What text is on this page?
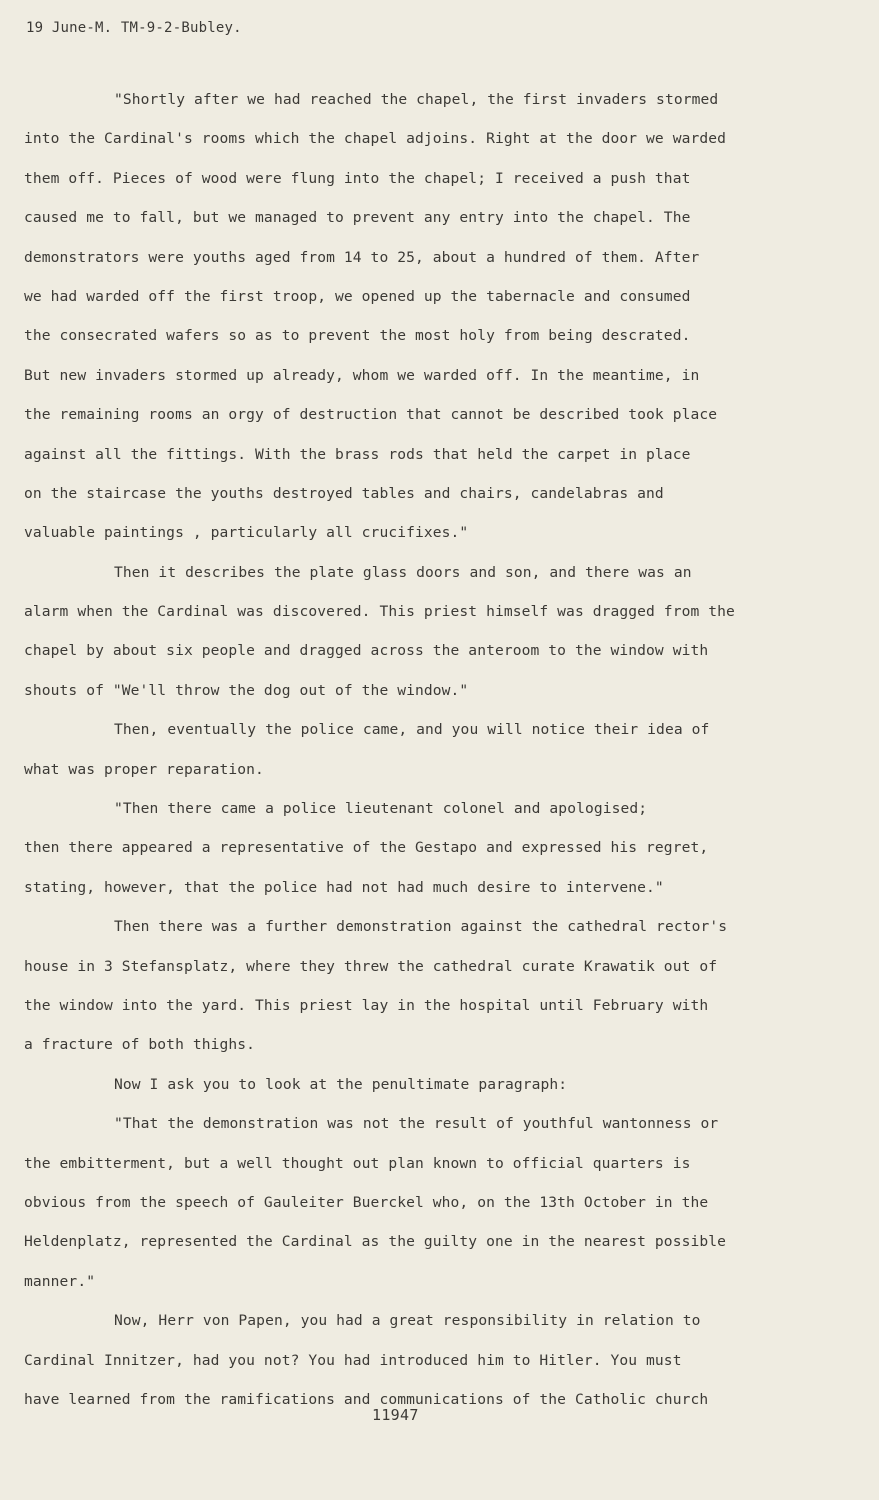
19 June-M. TM-9-2-Bubley.
"Shortly after we had reached the chapel, the first invaders stormed
into the Cardinal's rooms which the chapel adjoins. Right at the door we warded
them off. Pieces of wood were flung into the chapel; I received a push that
caused me to fall, but we managed to prevent any entry into the chapel. The
demonstrators were youths aged from 14 to 25, about a hundred of them. After
we had warded off the first troop, we opened up the tabernacle and consumed
the consecrated wafers so as to prevent the most holy from being descrated.
But new invaders stormed up already, whom we warded off. In the meantime, in
the remaining rooms an orgy of destruction that cannot be described took place
against all the fittings. With the brass rods that held the carpet in place
on the staircase the youths destroyed tables and chairs, candelabras and
valuable paintings , particularly all crucifixes."
Then it describes the plate glass doors and son, and there was an
alarm when the Cardinal was discovered. This priest himself was dragged from the
chapel by about six people and dragged across the anteroom to the window with
shouts of "We'll throw the dog out of the window."
Then, eventually the police came, and you will notice their idea of
what was proper reparation.
"Then there came a police lieutenant colonel and apologised;
then there appeared a representative of the Gestapo and expressed his regret,
stating, however, that the police had not had much desire to intervene."
Then there was a further demonstration against the cathedral rector's
house in 3 Stefansplatz, where they threw the cathedral curate Krawatik out of
the window into the yard. This priest lay in the hospital until February with
a fracture of both thighs.
Now I ask you to look at the penultimate paragraph:
"That the demonstration was not the result of youthful wantonness or
the embitterment, but a well thought out plan known to official quarters is
obvious from the speech of Gauleiter Buerckel who, on the 13th October in the
Heldenplatz, represented the Cardinal as the guilty one in the nearest possible
manner."
Now, Herr von Papen, you had a great responsibility in relation to
Cardinal Innitzer, had you not? You had introduced him to Hitler. You must
have learned from the ramifications and communications of the Catholic church
11947
